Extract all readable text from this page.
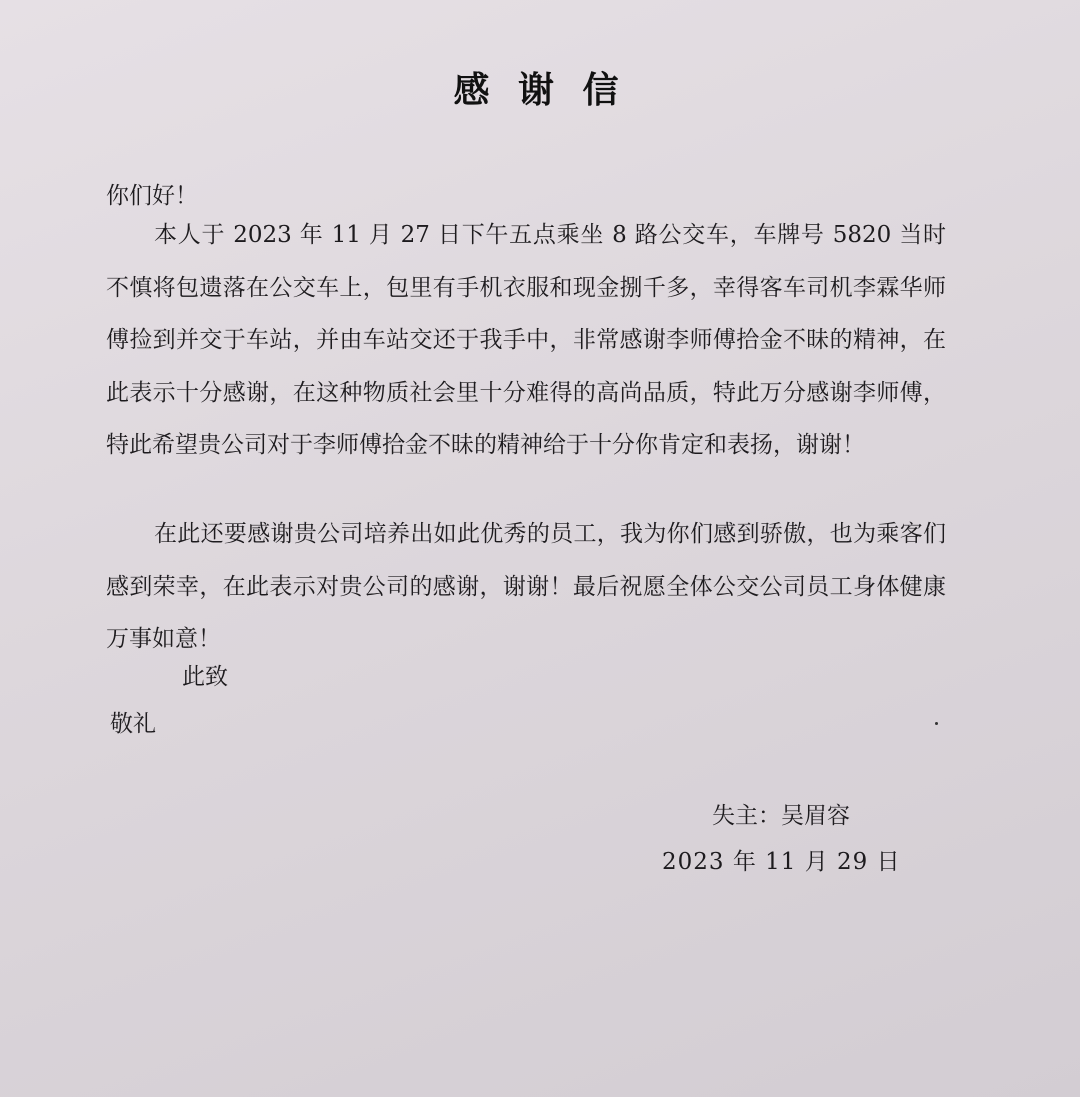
感 谢 信
你们好！
本人于 2023 年 11 月 27 日下午五点乘坐 8 路公交车，车牌号 5820 当时不慎将包遗落在公交车上，包里有手机衣服和现金捌千多，幸得客车司机李霖华师傅捡到并交于车站，并由车站交还于我手中，非常感谢李师傅拾金不昧的精神，在此表示十分感谢，在这种物质社会里十分难得的高尚品质，特此万分感谢李师傅，特此希望贵公司对于李师傅拾金不昧的精神给于十分你肯定和表扬，谢谢！
在此还要感谢贵公司培养出如此优秀的员工，我为你们感到骄傲，也为乘客们感到荣幸，在此表示对贵公司的感谢，谢谢！最后祝愿全体公交公司员工身体健康万事如意！
此致
敬礼
失主：吴眉容
2023 年 11 月 29 日
